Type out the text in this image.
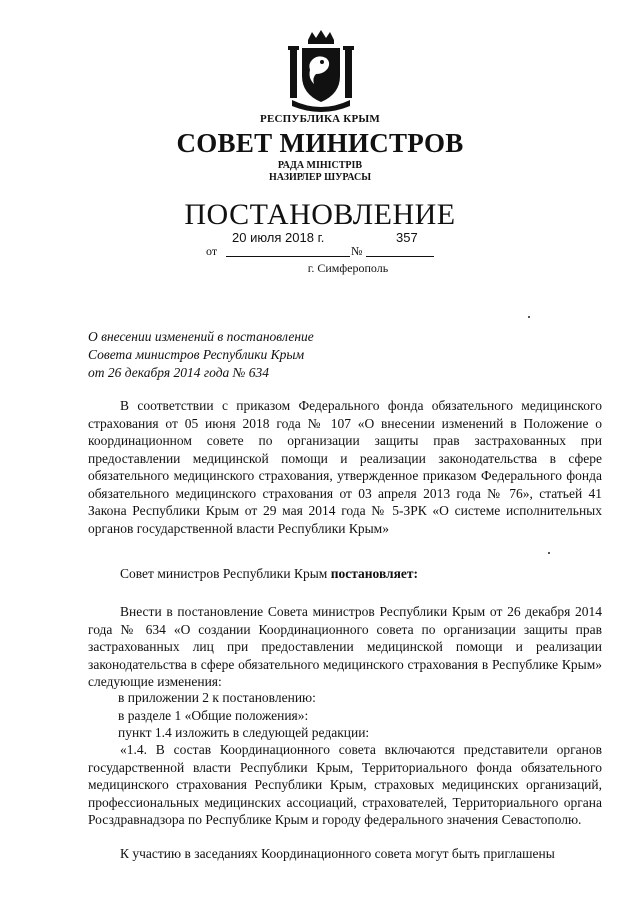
РЕСПУБЛИКА КРЫМ
СОВЕТ МИНИСТРОВ
РАДА МІНІСТРІВ
НАЗИРЛЕР ШУРАСЫ
ПОСТАНОВЛЕНИЕ
от
20 июля 2018 г.
№
357
г. Симферополь
О внесении изменений в постановление
Совета министров Республики Крым
от 26 декабря 2014 года № 634
В соответствии с приказом Федерального фонда обязательного медицинского страхования от 05 июня 2018 года № 107 «О внесении изменений в Положение о координационном совете по организации защиты прав застрахованных при предоставлении медицинской помощи и реализации законодательства в сфере обязательного медицинского страхования, утвержденное приказом Федерального фонда обязательного медицинского страхования от 03 апреля 2013 года № 76», статьей 41 Закона Республики Крым от 29 мая 2014 года № 5-ЗРК «О системе исполнительных органов государственной власти Республики Крым»
Совет министров Республики Крым постановляет:
Внести в постановление Совета министров Республики Крым от 26 декабря 2014 года № 634 «О создании Координационного совета по организации защиты прав застрахованных лиц при предоставлении медицинской помощи и реализации законодательства в сфере обязательного медицинского страхования в Республике Крым» следующие изменения:
в приложении 2 к постановлению:
в разделе 1 «Общие положения»:
пункт 1.4 изложить в следующей редакции:
«1.4. В состав Координационного совета включаются представители органов государственной власти Республики Крым, Территориального фонда обязательного медицинского страхования Республики Крым, страховых медицинских организаций, профессиональных медицинских ассоциаций, страхователей, Территориального органа Росздравнадзора по Республике Крым и городу федерального значения Севастополю.
К участию в заседаниях Координационного совета могут быть приглашены
